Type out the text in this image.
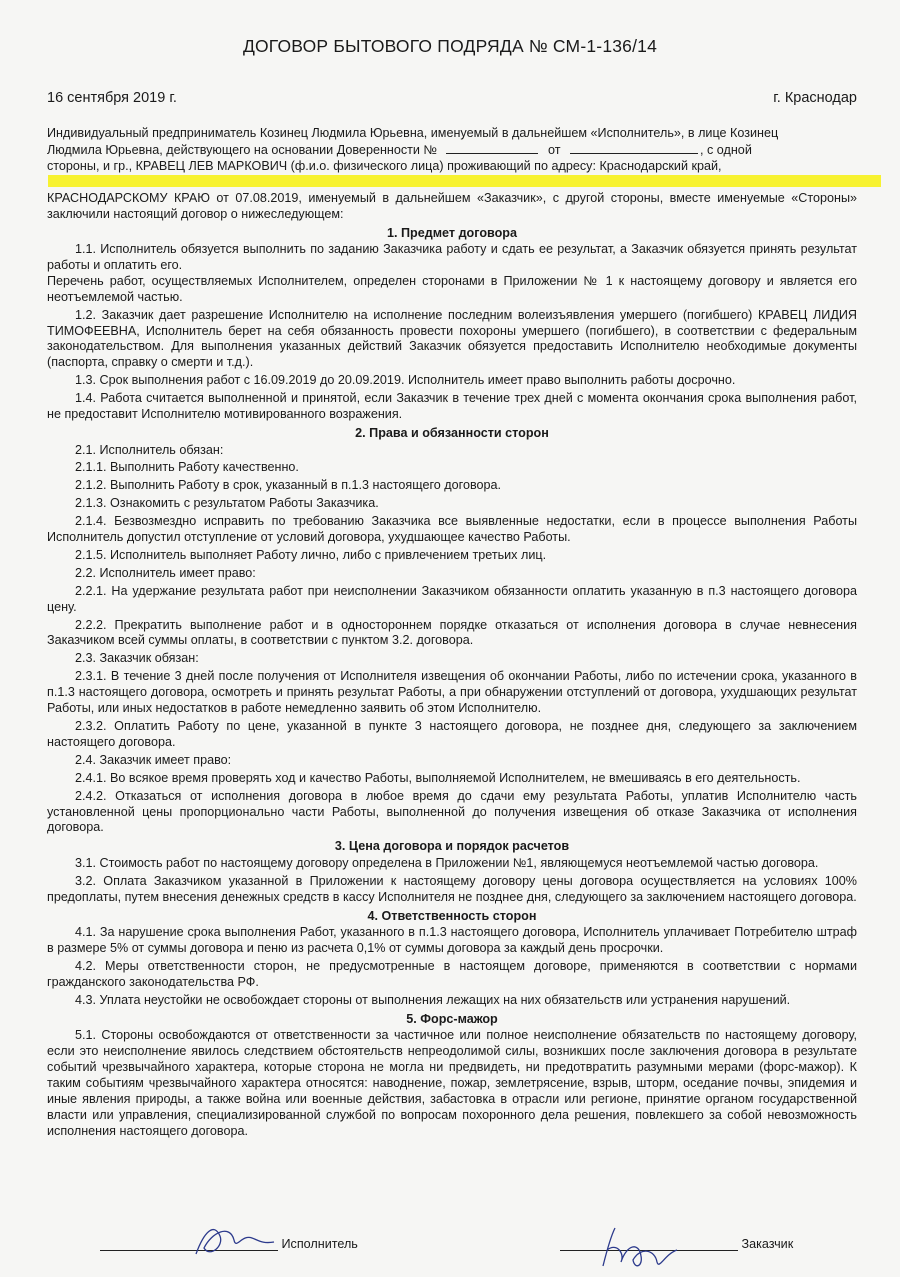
ДОГОВОР БЫТОВОГО ПОДРЯДА № СМ-1-136/14
16 сентября 2019 г.	г. Краснодар

Индивидуальный предприниматель Козинец Людмила Юрьевна, именуемый в дальнейшем «Исполнитель», в лице Козинец

Людмила Юрьевна, действующего на основании Доверенности №	от	, с одной

стороны, и гр., КРАВЕЦ ЛЕВ МАРКОВИЧ (ф.и.о. физического лица) проживающий по адресу: Краснодарский край,

КРАСНОДАРСКОМУ КРАЮ от 07.08.2019, именуемый в дальнейшем «Заказчик», с другой стороны, вместе именуемые «Стороны» заключили настоящий договор о нижеследующем:

1. Предмет договора

1.1. Исполнитель обязуется выполнить по заданию Заказчика работу и сдать ее результат, а Заказчик обязуется принять результат работы и оплатить его.

Перечень работ, осуществляемых Исполнителем, определен сторонами в Приложении № 1 к настоящему договору и является его неотъемлемой частью.

1.2. Заказчик дает разрешение Исполнителю на исполнение последним волеизъявления умершего (погибшего) КРАВЕЦ ЛИДИЯ ТИМОФЕЕВНА, Исполнитель берет на себя обязанность провести похороны умершего (погибшего), в соответствии с федеральным законодательством. Для выполнения указанных действий Заказчик обязуется предоставить Исполнителю необходимые документы (паспорта, справку о смерти и т.д.).

1.3. Срок выполнения работ с 16.09.2019 до 20.09.2019. Исполнитель имеет право выполнить работы досрочно.

1.4. Работа считается выполненной и принятой, если Заказчик в течение трех дней с момента окончания срока выполнения работ, не предоставит Исполнителю мотивированного возражения.

2. Права и обязанности сторон

2.1. Исполнитель обязан:

2.1.1. Выполнить Работу качественно.

2.1.2. Выполнить Работу в срок, указанный в п.1.3 настоящего договора.

2.1.3. Ознакомить с результатом Работы Заказчика.

2.1.4. Безвозмездно исправить по требованию Заказчика все выявленные недостатки, если в процессе выполнения Работы Исполнитель допустил отступление от условий договора, ухудшающее качество Работы.

2.1.5. Исполнитель выполняет Работу лично, либо с привлечением третьих лиц.

2.2. Исполнитель имеет право:

2.2.1. На удержание результата работ при неисполнении Заказчиком обязанности оплатить указанную в п.3 настоящего договора цену.

2.2.2. Прекратить выполнение работ и в одностороннем порядке отказаться от исполнения договора в случае невнесения Заказчиком всей суммы оплаты, в соответствии с пунктом 3.2. договора.

2.3. Заказчик обязан:

2.3.1. В течение 3 дней после получения от Исполнителя извещения об окончании Работы, либо по истечении срока, указанного в п.1.3 настоящего договора, осмотреть и принять результат Работы, а при обнаружении отступлений от договора, ухудшающих результат Работы, или иных недостатков в работе немедленно заявить об этом Исполнителю.

2.3.2. Оплатить Работу по цене, указанной в пункте 3 настоящего договора, не позднее дня, следующего за заключением настоящего договора.

2.4. Заказчик имеет право:

2.4.1. Во всякое время проверять ход и качество Работы, выполняемой Исполнителем, не вмешиваясь в его деятельность.

2.4.2. Отказаться от исполнения договора в любое время до сдачи ему результата Работы, уплатив Исполнителю часть установленной цены пропорционально части Работы, выполненной до получения извещения об отказе Заказчика от исполнения договора.

3. Цена договора и порядок расчетов

3.1. Стоимость работ по настоящему договору определена в Приложении №1, являющемуся неотъемлемой частью договора.

3.2. Оплата Заказчиком указанной в Приложении к настоящему договору цены договора осуществляется на условиях 100% предоплаты, путем внесения денежных средств в кассу Исполнителя не позднее дня, следующего за заключением настоящего договора.

4. Ответственность сторон

4.1. За нарушение срока выполнения Работ, указанного в п.1.3 настоящего договора, Исполнитель уплачивает Потребителю штраф в размере 5% от суммы договора и пеню из расчета 0,1% от суммы договора за каждый день просрочки.

4.2. Меры ответственности сторон, не предусмотренные в настоящем договоре, применяются в соответствии с нормами гражданского законодательства РФ.

4.3. Уплата неустойки не освобождает стороны от выполнения лежащих на них обязательств или устранения нарушений.

5. Форс-мажор

5.1. Стороны освобождаются от ответственности за частичное или полное неисполнение обязательств по настоящему договору, если это неисполнение явилось следствием обстоятельств непреодолимой силы, возникших после заключения договора в результате событий чрезвычайного характера, которые сторона не могла ни предвидеть, ни предотвратить разумными мерами (форс-мажор). К таким событиям чрезвычайного характера относятся: наводнение, пожар, землетрясение, взрыв, шторм, оседание почвы, эпидемия и иные явления природы, а также война или военные действия, забастовка в отрасли или регионе, принятие органом государственной власти или управления, специализированной службой по вопросам похоронного дела решения, повлекшего за собой невозможность исполнения настоящего договора.

Исполнитель	Заказчик
